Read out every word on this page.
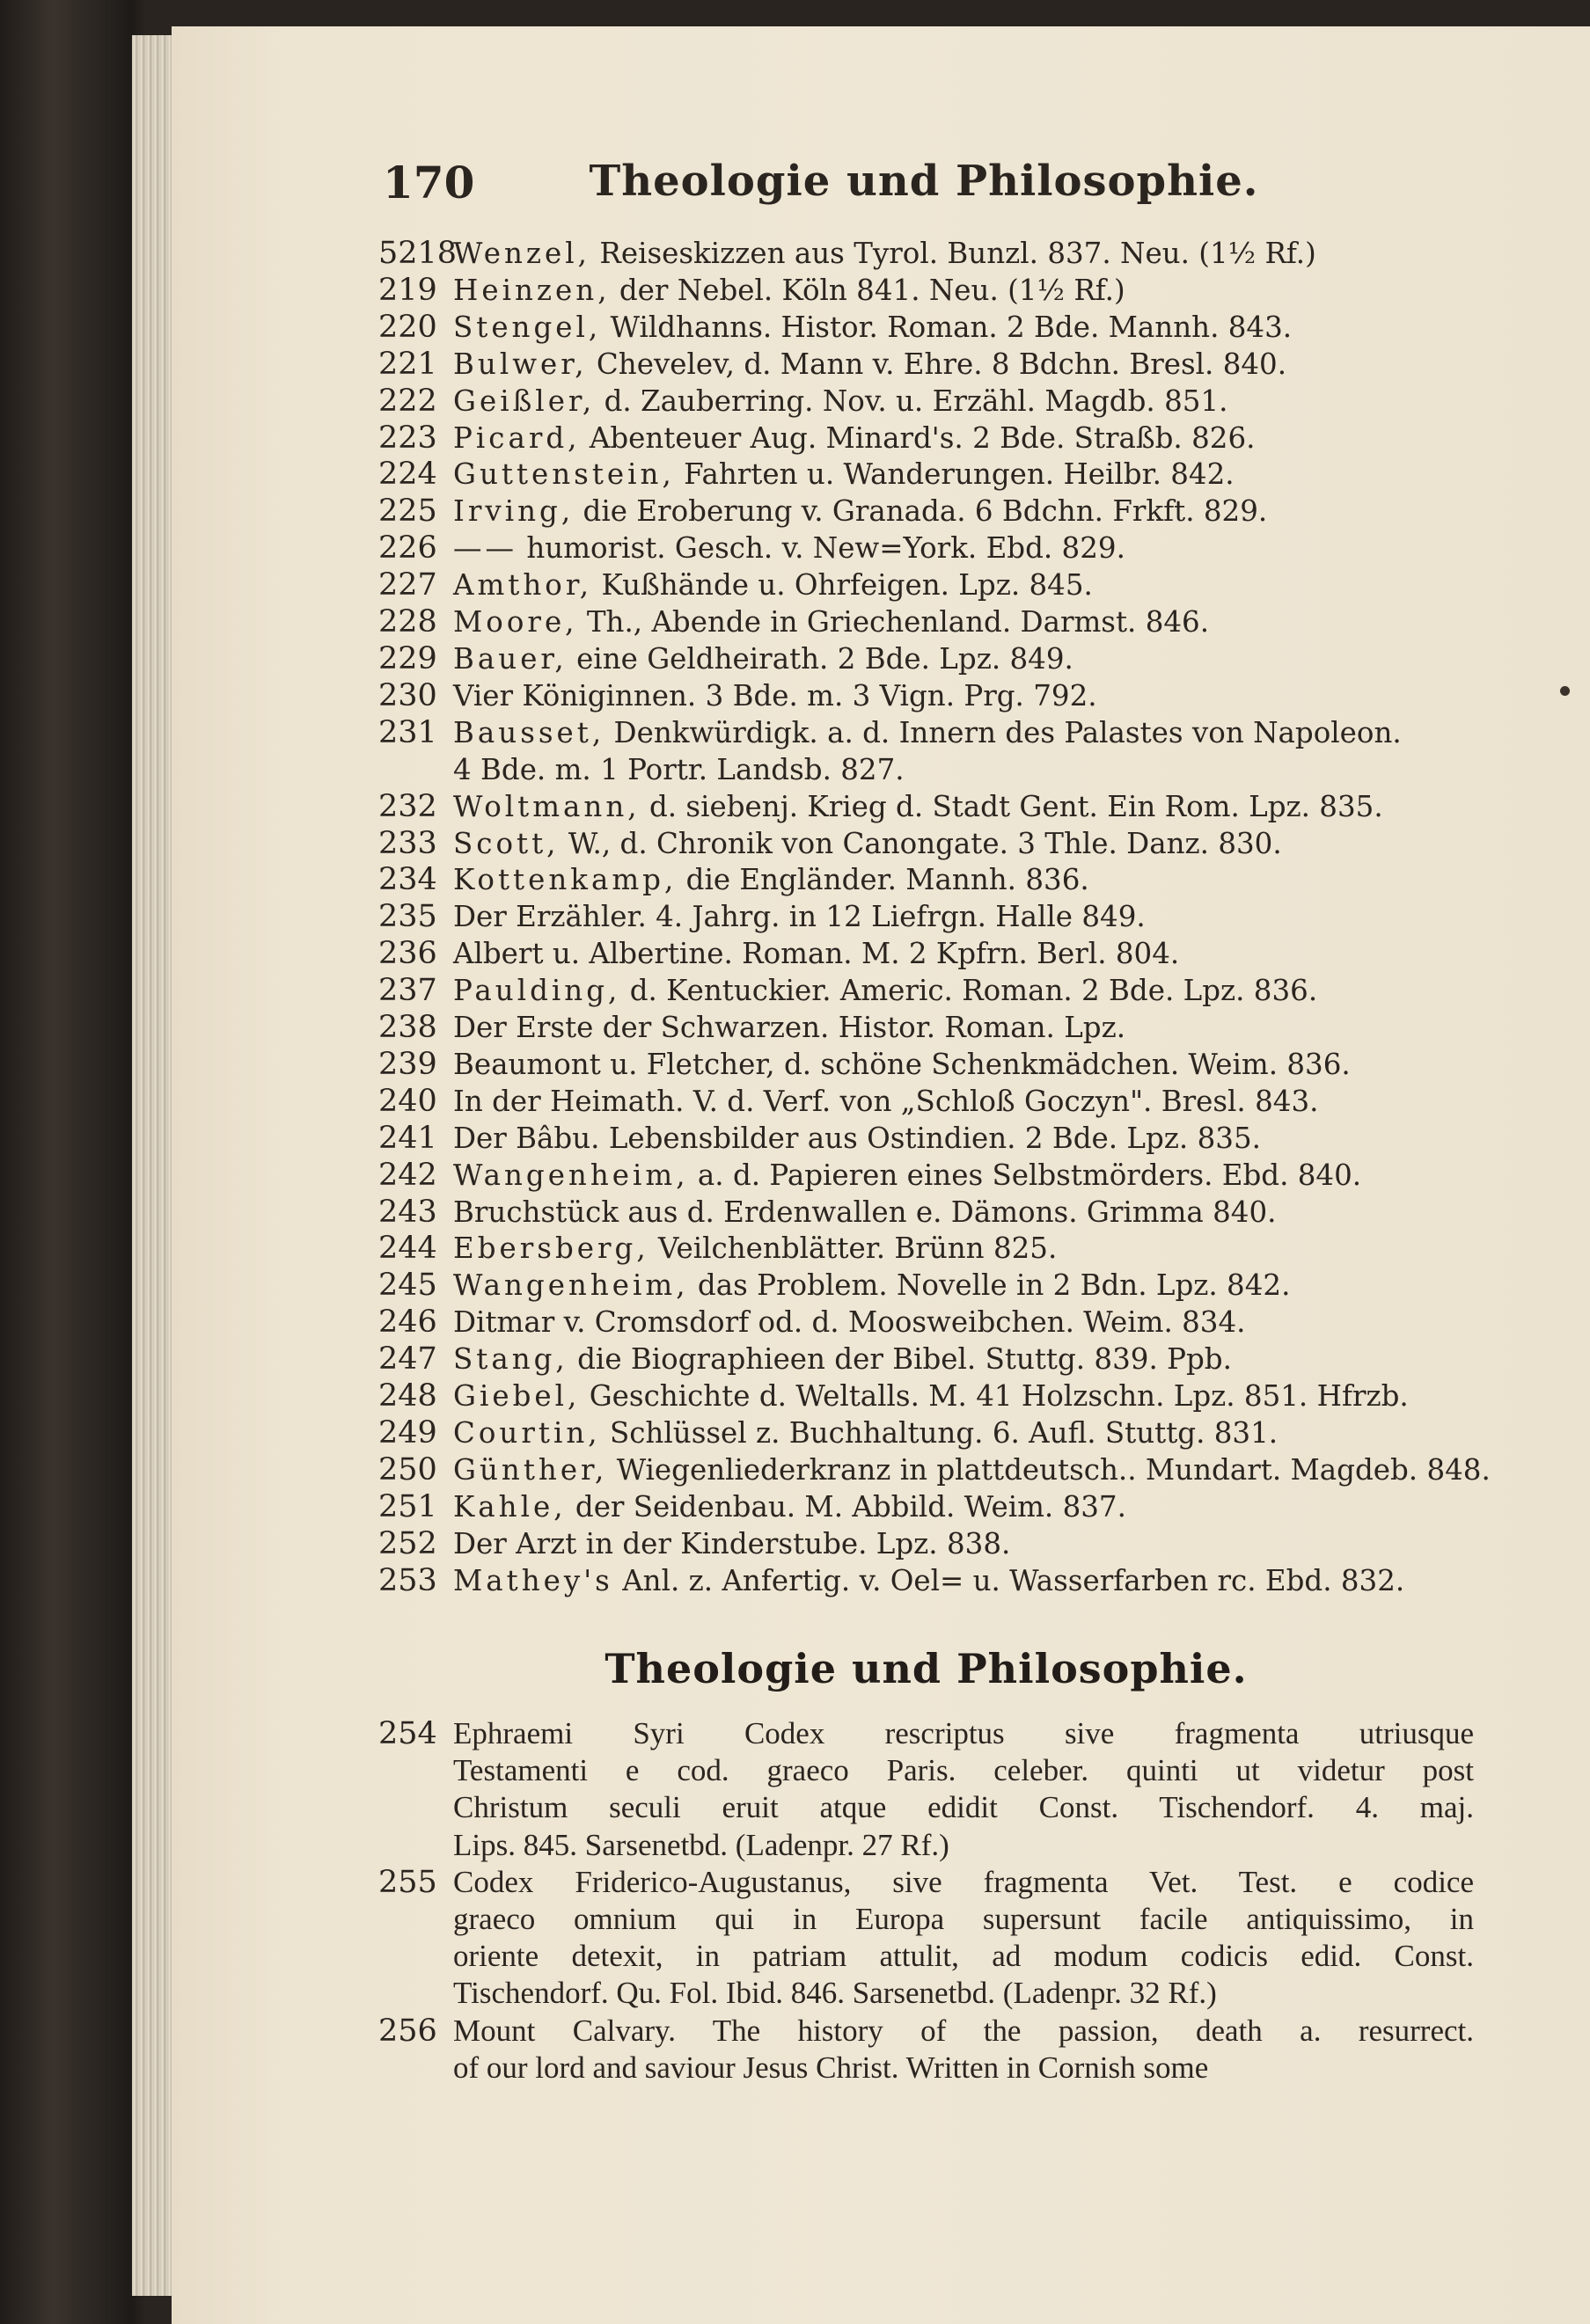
170	Theologie und Philosophie.
5218
Wenzel, Reiseskizzen aus Tyrol. Bunzl. 837. Neu. (1½ Rf.)
219 Heinzen, der Nebel. Köln 841. Neu. (1½ Rf.)
220 Stengel, Wildhanns. Histor. Roman. 2 Bde. Mannh. 843.
221 Bulwer, Chevelev, d. Mann v. Ehre. 8 Bdchn. Bresl. 840.
222 Geißler, d. Zauberring. Nov. u. Erzähl. Magdb. 851.
223 Picard, Abenteuer Aug. Minard's. 2 Bde. Straßb. 826.
224 Guttenstein, Fahrten u. Wanderungen. Heilbr. 842.
225 Irving, die Eroberung v. Granada. 6 Bdchn. Frkft. 829.
226 —— humorist. Gesch. v. New=York. Ebd. 829.
227 Amthor, Kußhände u. Ohrfeigen. Lpz. 845.
228 Moore, Th., Abende in Griechenland. Darmst. 846.
229 Bauer, eine Geldheirath. 2 Bde. Lpz. 849.
230 Vier Königinnen. 3 Bde. m. 3 Vign. Prg. 792.
231 Bausset, Denkwürdigk. a. d. Innern des Palastes von Napoleon.
4 Bde. m. 1 Portr. Landsb. 827.
232 Woltmann, d. siebenj. Krieg d. Stadt Gent. Ein Rom. Lpz. 835.
233 Scott, W., d. Chronik von Canongate. 3 Thle. Danz. 830.
234 Kottenkamp, die Engländer. Mannh. 836.
235 Der Erzähler. 4. Jahrg. in 12 Liefrgn. Halle 849.
236 Albert u. Albertine. Roman. M. 2 Kpfrn. Berl. 804.
237 Paulding, d. Kentuckier. Americ. Roman. 2 Bde. Lpz. 836.
238 Der Erste der Schwarzen. Histor. Roman. Lpz.
239 Beaumont u. Fletcher, d. schöne Schenkmädchen. Weim. 836.
240 In der Heimath. V. d. Verf. von „Schloß Goczyn". Bresl. 843.
241 Der Bâbu. Lebensbilder aus Ostindien. 2 Bde. Lpz. 835.
242 Wangenheim, a. d. Papieren eines Selbstmörders. Ebd. 840.
243 Bruchstück aus d. Erdenwallen e. Dämons. Grimma 840.
244 Ebersberg, Veilchenblätter. Brünn 825.
245 Wangenheim, das Problem. Novelle in 2 Bdn. Lpz. 842.
246 Ditmar v. Cromsdorf od. d. Moosweibchen. Weim. 834.
247 Stang, die Biographieen der Bibel. Stuttg. 839. Ppb.
248 Giebel, Geschichte d. Weltalls. M. 41 Holzschn. Lpz. 851. Hfrzb.
249 Courtin, Schlüssel z. Buchhaltung. 6. Aufl. Stuttg. 831.
250 Günther, Wiegenliederkranz in plattdeutsch.. Mundart. Magdeb. 848.
251 Kahle, der Seidenbau. M. Abbild. Weim. 837.
252 Der Arzt in der Kinderstube. Lpz. 838.
253 Mathey's Anl. z. Anfertig. v. Oel= u. Wasserfarben rc. Ebd. 832.
Theologie und Philosophie.
254 Ephraemi Syri Codex rescriptus sive fragmenta utriusque
Testamenti e cod. graeco Paris. celeber. quinti ut videtur post
Christum seculi eruit atque edidit Const. Tischendorf. 4. maj.
Lips. 845. Sarsenetbd. (Ladenpr. 27 Rf.)
255 Codex Friderico-Augustanus, sive fragmenta Vet. Test. e codice
graeco omnium qui in Europa supersunt facile antiquissimo, in
oriente detexit, in patriam attulit, ad modum codicis edid. Const.
Tischendorf. Qu. Fol. Ibid. 846. Sarsenetbd. (Ladenpr. 32 Rf.)
256 Mount Calvary. The history of the passion, death a. resurrect.
of our lord and saviour Jesus Christ. Written in Cornish some
